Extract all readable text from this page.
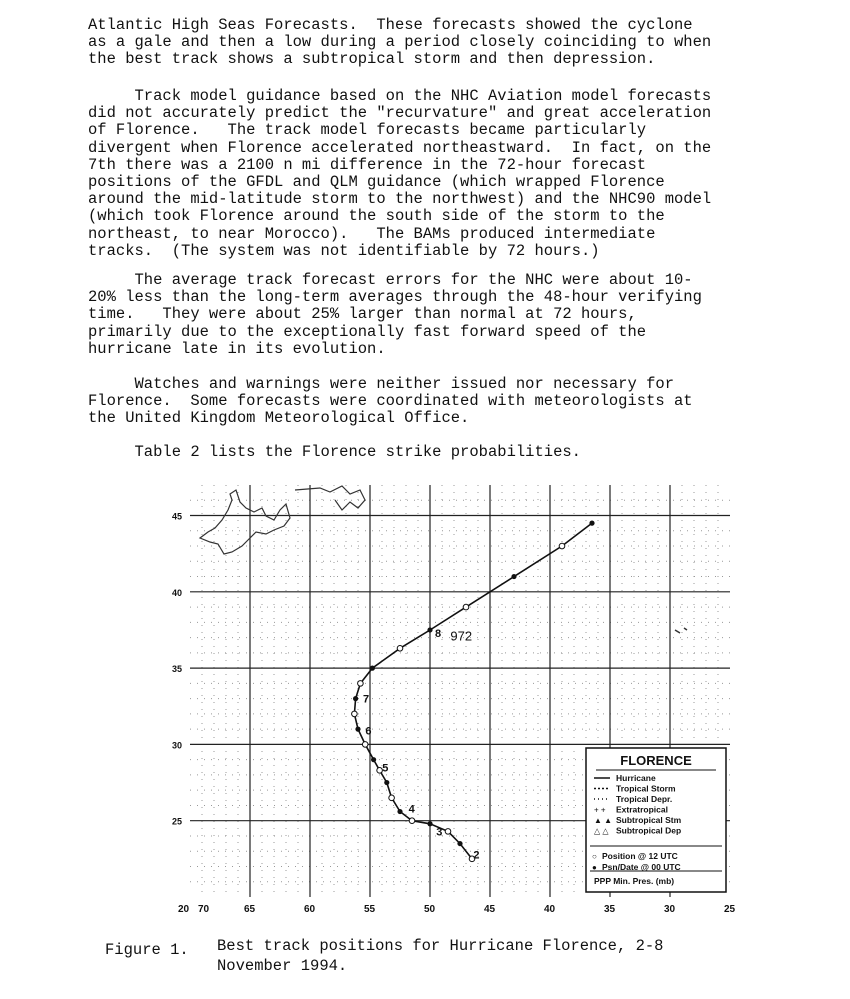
Atlantic High Seas Forecasts.  These forecasts showed the cyclone
as a gale and then a low during a period closely coinciding to when
the best track shows a subtropical storm and then depression.
Track model guidance based on the NHC Aviation model forecasts
did not accurately predict the "recurvature" and great acceleration
of Florence.   The track model forecasts became particularly
divergent when Florence accelerated northeastward.  In fact, on the
7th there was a 2100 n mi difference in the 72-hour forecast
positions of the GFDL and QLM guidance (which wrapped Florence
around the mid-latitude storm to the northwest) and the NHC90 model
(which took Florence around the south side of the storm to the
northeast, to near Morocco).   The BAMs produced intermediate
tracks.  (The system was not identifiable by 72 hours.)
The average track forecast errors for the NHC were about 10-
20% less than the long-term averages through the 48-hour verifying
time.   They were about 25% larger than normal at 72 hours,
primarily due to the exceptionally fast forward speed of the
hurricane late in its evolution.
Watches and warnings were neither issued nor necessary for
Florence.  Some forecasts were coordinated with meteorologists at
the United Kingdom Meteorological Office.
Table 2 lists the Florence strike probabilities.
2
3
4
5
6
7
8 972
70	65	60	55	50	45	40	35	30	25
45
40
35
30
25
20
FLORENCE
Hurricane
Tropical Storm
Tropical Depr.
+ + Extratropical
▲ ▲ Subtropical Stm
△ △ Subtropical Dep
○ Position @ 12 UTC
● Psn/Date @ 00 UTC
PPP Min. Pres. (mb)
Figure 1. Best track positions for Hurricane Florence, 2-8
November 1994.
